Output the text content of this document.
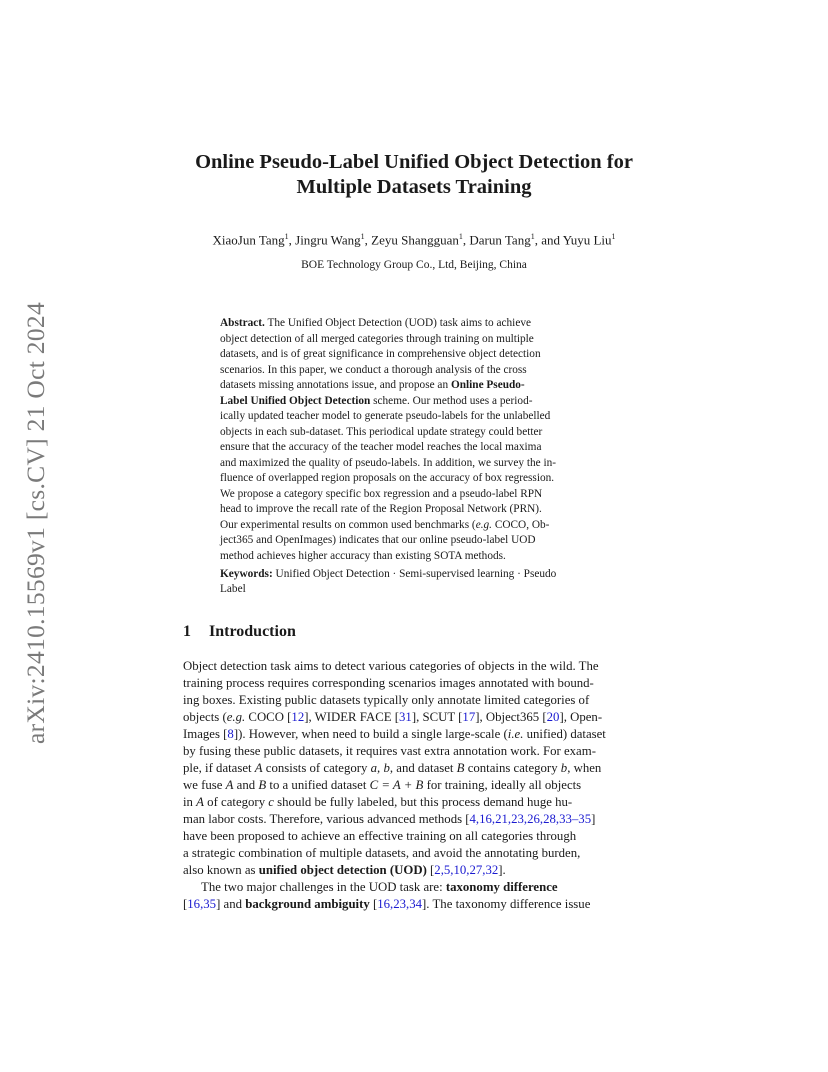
arXiv:2410.15569v1 [cs.CV] 21 Oct 2024
Online Pseudo-Label Unified Object Detection for
Multiple Datasets Training
XiaoJun Tang$^1$, Jingru Wang$^1$, Zeyu Shangguan$^1$, Darun Tang$^1$, and Yuyu Liu$^1$
BOE Technology Group Co., Ltd, Beijing, China
Abstract. The Unified Object Detection (UOD) task aims to achieve
object detection of all merged categories through training on multiple
datasets, and is of great significance in comprehensive object detection
scenarios. In this paper, we conduct a thorough analysis of the cross
datasets missing annotations issue, and propose an Online Pseudo-
Label Unified Object Detection scheme. Our method uses a period-
ically updated teacher model to generate pseudo-labels for the unlabelled
objects in each sub-dataset. This periodical update strategy could better
ensure that the accuracy of the teacher model reaches the local maxima
and maximized the quality of pseudo-labels. In addition, we survey the in-
fluence of overlapped region proposals on the accuracy of box regression.
We propose a category specific box regression and a pseudo-label RPN
head to improve the recall rate of the Region Proposal Network (PRN).
Our experimental results on common used benchmarks (e.g. COCO, Ob-
ject365 and OpenImages) indicates that our online pseudo-label UOD
method achieves higher accuracy than existing SOTA methods.
Keywords: Unified Object Detection · Semi-supervised learning · Pseudo
Label
1 Introduction
Object detection task aims to detect various categories of objects in the wild. The
training process requires corresponding scenarios images annotated with bound-
ing boxes. Existing public datasets typically only annotate limited categories of
objects (e.g. COCO [12], WIDER FACE [31], SCUT [17], Object365 [20], Open-
Images [8]). However, when need to build a single large-scale (i.e. unified) dataset
by fusing these public datasets, it requires vast extra annotation work. For exam-
ple, if dataset A consists of category a, b, and dataset B contains category b, when
we fuse A and B to a unified dataset C = A + B for training, ideally all objects
in A of category c should be fully labeled, but this process demand huge hu-
man labor costs. Therefore, various advanced methods [4,16,21,23,26,28,33–35]
have been proposed to achieve an effective training on all categories through
a strategic combination of multiple datasets, and avoid the annotating burden,
also known as unified object detection (UOD) [2,5,10,27,32].
The two major challenges in the UOD task are: taxonomy difference
[16,35] and background ambiguity [16,23,34]. The taxonomy difference issue
